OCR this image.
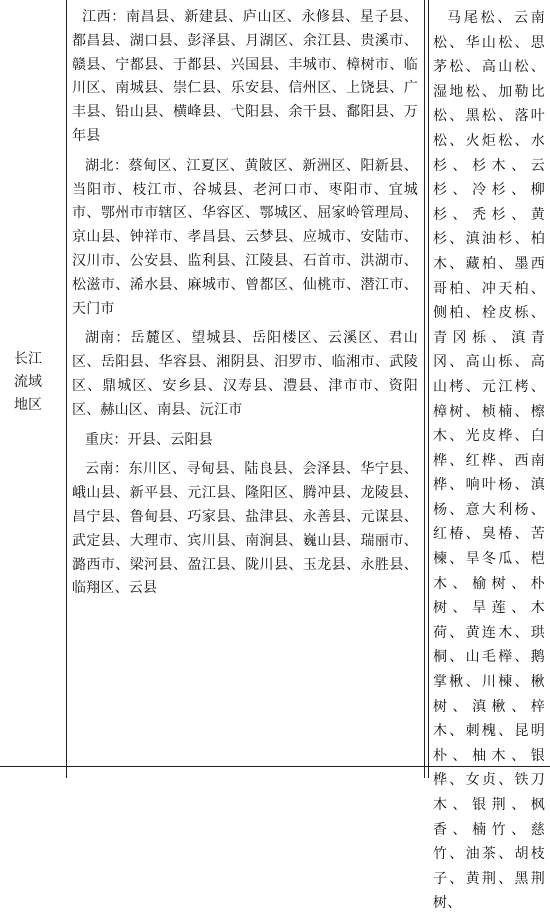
长江流域地区

江西：南昌县、新建县、庐山区、永修县、星子县、都昌县、湖口县、彭泽县、月湖区、余江县、贵溪市、赣县、宁都县、于都县、兴国县、丰城市、樟树市、临川区、南城县、崇仁县、乐安县、信州区、上饶县、广丰县、铅山县、横峰县、弋阳县、余干县、鄱阳县、万年县

湖北：蔡甸区、江夏区、黄陂区、新洲区、阳新县、当阳市、枝江市、谷城县、老河口市、枣阳市、宜城市、鄂州市市辖区、华容区、鄂城区、屈家岭管理局、京山县、钟祥市、孝昌县、云梦县、应城市、安陆市、汉川市、公安县、监利县、江陵县、石首市、洪湖市、松滋市、浠水县、麻城市、曾都区、仙桃市、潜江市、天门市

湖南：岳麓区、望城县、岳阳楼区、云溪区、君山区、岳阳县、华容县、湘阴县、汨罗市、临湘市、武陵区、鼎城区、安乡县、汉寿县、澧县、津市市、资阳区、赫山区、南县、沅江市

重庆：开县、云阳县

云南：东川区、寻甸县、陆良县、会泽县、华宁县、峨山县、新平县、元江县、隆阳区、腾冲县、龙陵县、昌宁县、鲁甸县、巧家县、盐津县、永善县、元谋县、武定县、大理市、宾川县、南涧县、巍山县、瑞丽市、潞西市、梁河县、盈江县、陇川县、玉龙县、永胜县、临翔区、云县

马尾松、云南松、华山松、思茅松、高山松、湿地松、加勒比松、黑松、落叶松、火炬松、水杉、杉木、云杉、冷杉、柳杉、秃杉、黄杉、滇油杉、柏木、藏柏、墨西哥柏、冲天柏、侧柏、栓皮栎、青冈栎、滇青冈、高山栎、高山栲、元江栲、樟树、桢楠、檫木、光皮桦、白桦、红桦、西南桦、响叶杨、滇杨、意大利杨、红椿、臭椿、苦楝、旱冬瓜、桤木、榆树、朴树、旱莲、木荷、黄连木、珙桐、山毛榉、鹅掌楸、川楝、楸树、滇楸、梓木、刺槐、昆明朴、柚木、银桦、女贞、铁刀木、银荆、枫香、楠竹、慈竹、油茶、胡枝子、黄荆、黑荆树、
